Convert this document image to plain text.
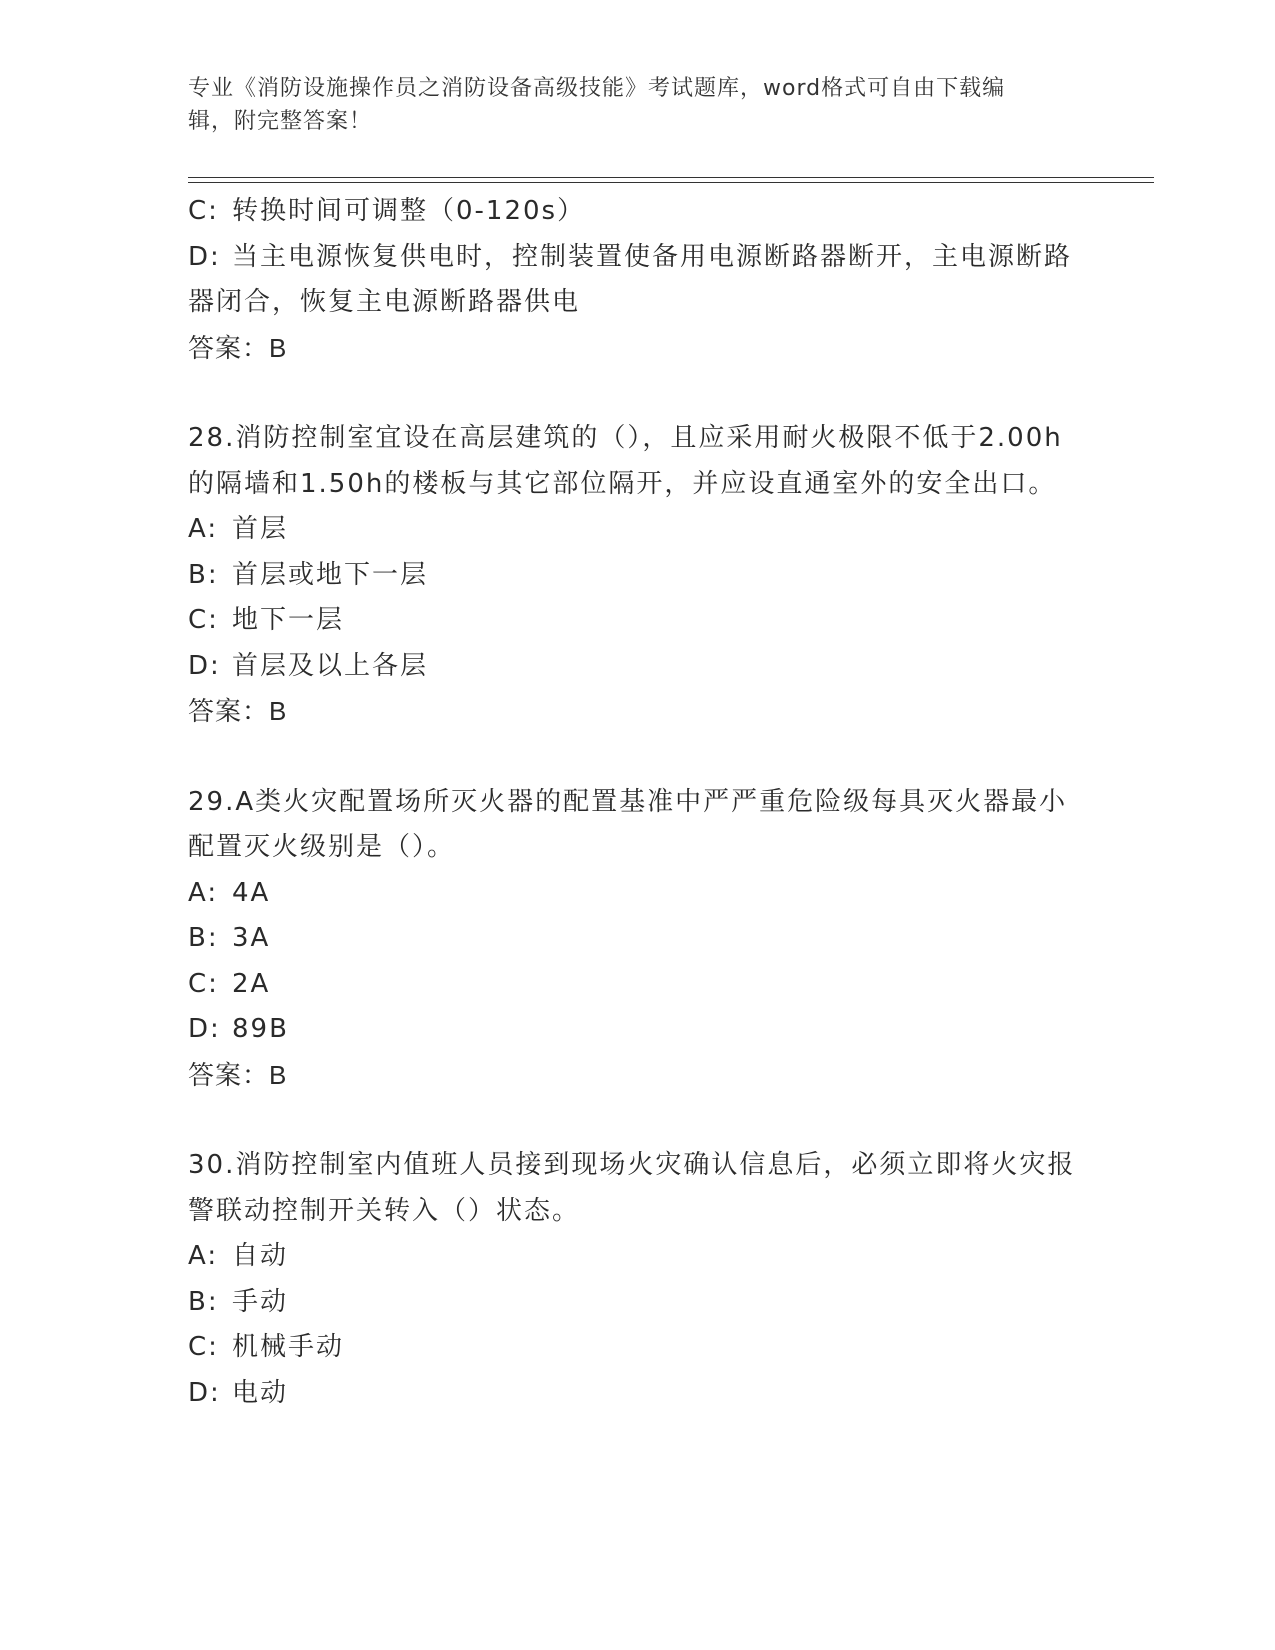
专业《消防设施操作员之消防设备高级技能》考试题库，word格式可自由下载编
辑，附完整答案！
C: 转换时间可调整（0-120s）
D: 当主电源恢复供电时，控制装置使备用电源断路器断开，主电源断路器闭合，恢复主电源断路器供电
答案：B
28.消防控制室宜设在高层建筑的（），且应采用耐火极限不低于2.00h的隔墙和1.50h的楼板与其它部位隔开，并应设直通室外的安全出口。
A: 首层
B: 首层或地下一层
C: 地下一层
D: 首层及以上各层
答案：B
29.A类火灾配置场所灭火器的配置基准中严严重危险级每具灭火器最小配置灭火级别是（）。
A: 4A
B: 3A
C: 2A
D: 89B
答案：B
30.消防控制室内值班人员接到现场火灾确认信息后，必须立即将火灾报警联动控制开关转入（）状态。
A: 自动
B: 手动
C: 机械手动
D: 电动
